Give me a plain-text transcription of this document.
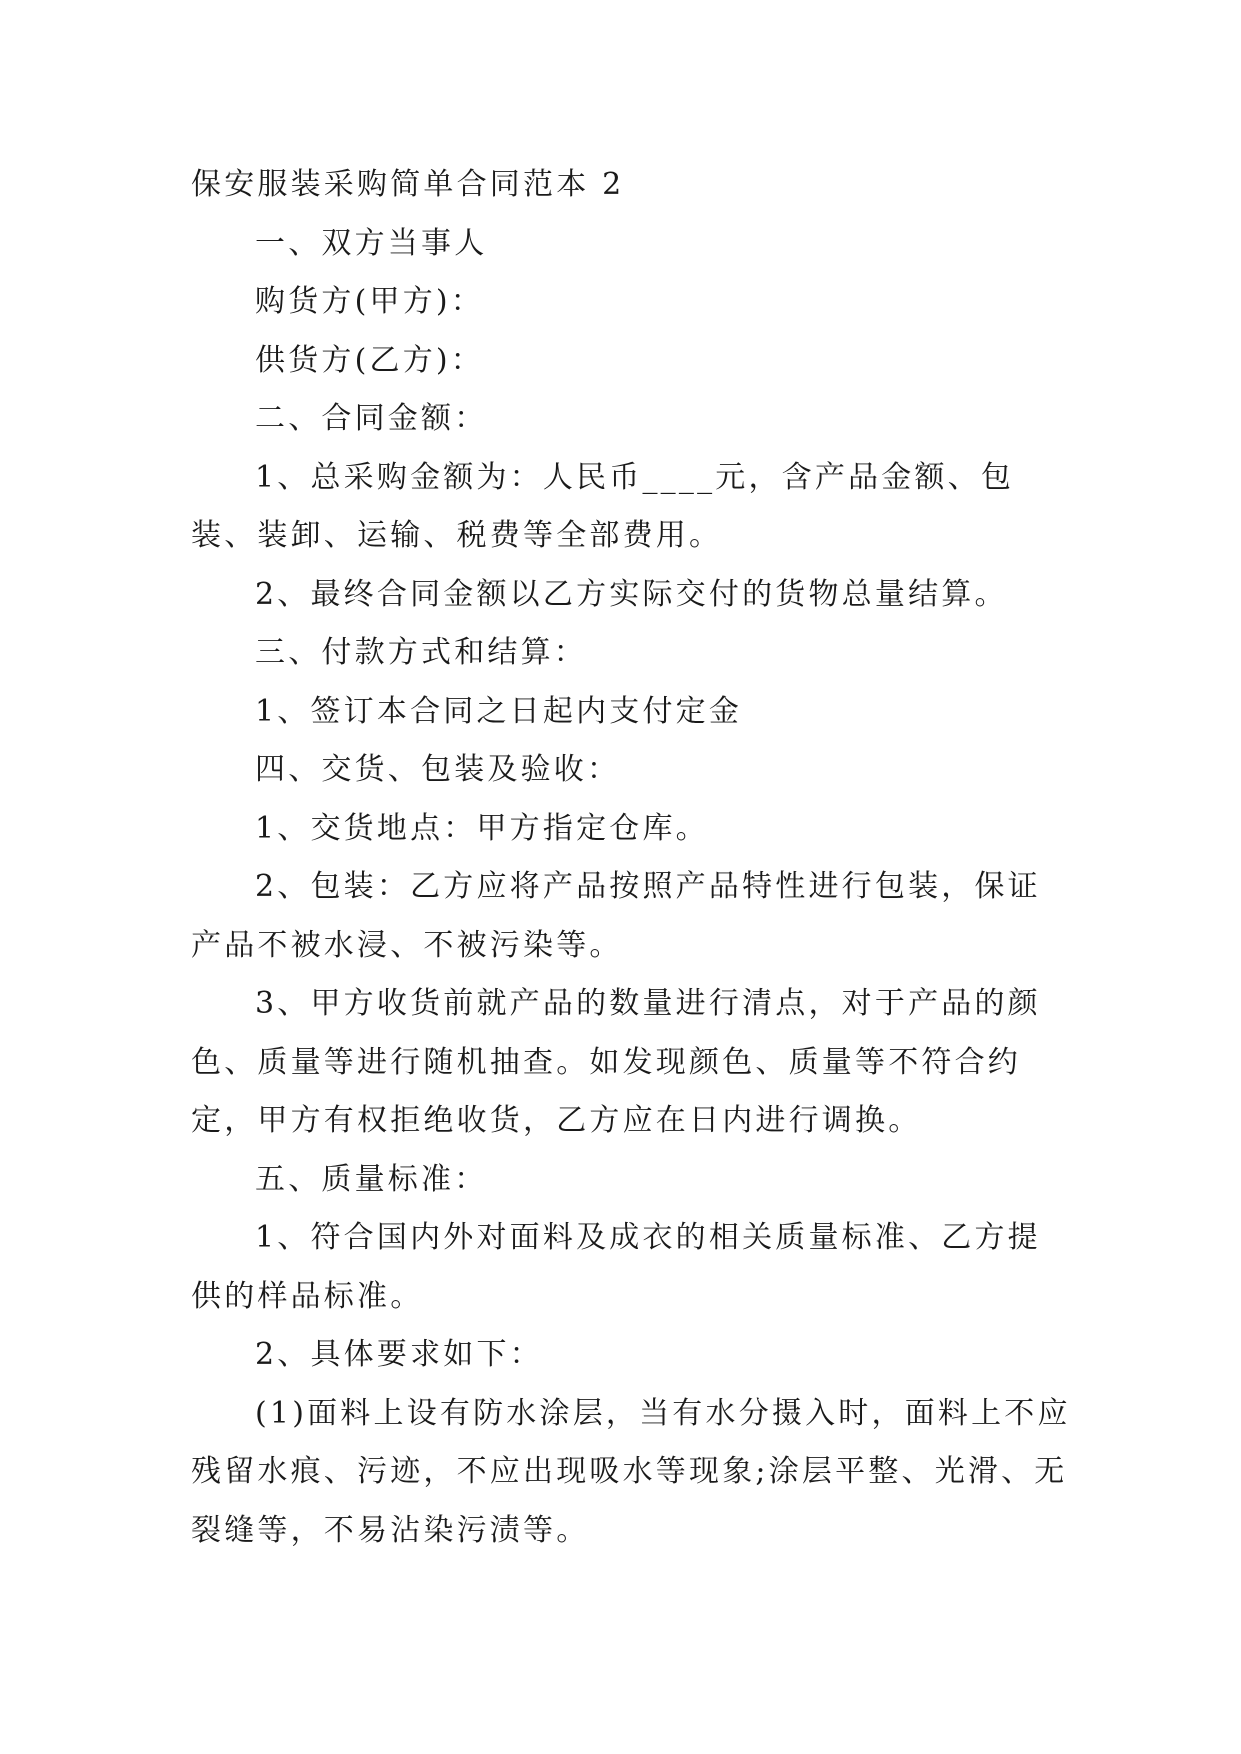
保安服装采购简单合同范本 2

一、双方当事人

购货方(甲方)：

供货方(乙方)：

二、合同金额：

1、总采购金额为：人民币____元，含产品金额、包装、装卸、运输、税费等全部费用。

2、最终合同金额以乙方实际交付的货物总量结算。

三、付款方式和结算：

1、签订本合同之日起内支付定金

四、交货、包装及验收：

1、交货地点：甲方指定仓库。

2、包装：乙方应将产品按照产品特性进行包装，保证产品不被水浸、不被污染等。

3、甲方收货前就产品的数量进行清点，对于产品的颜色、质量等进行随机抽查。如发现颜色、质量等不符合约定，甲方有权拒绝收货，乙方应在日内进行调换。

五、质量标准：

1、符合国内外对面料及成衣的相关质量标准、乙方提供的样品标准。

2、具体要求如下：

(1)面料上设有防水涂层，当有水分摄入时，面料上不应残留水痕、污迹，不应出现吸水等现象;涂层平整、光滑、无裂缝等，不易沾染污渍等。
